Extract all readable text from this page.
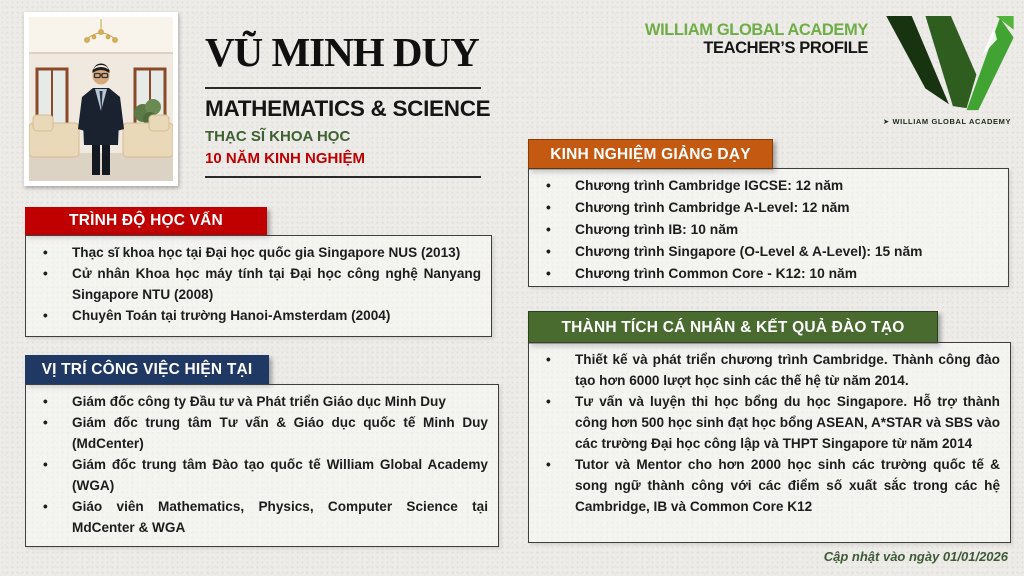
VŨ MINH DUY
MATHEMATICS & SCIENCE
THẠC SĨ KHOA HỌC
10 NĂM KINH NGHIỆM
WILLIAM GLOBAL ACADEMY
TEACHER’S PROFILE
➤ WILLIAM GLOBAL ACADEMY
TRÌNH ĐỘ HỌC VẤN
• Thạc sĩ khoa học tại Đại học quốc gia Singapore NUS (2013)
• Cử nhân Khoa học máy tính tại Đại học công nghệ Nanyang Singapore NTU (2008)
• Chuyên Toán tại trường Hanoi-Amsterdam (2004)
VỊ TRÍ CÔNG VIỆC HIỆN TẠI
• Giám đốc công ty Đầu tư và Phát triển Giáo dục Minh Duy
• Giám đốc trung tâm Tư vấn & Giáo dục quốc tế Minh Duy (MdCenter)
• Giám đốc trung tâm Đào tạo quốc tế William Global Academy (WGA)
• Giáo viên Mathematics, Physics, Computer Science tại MdCenter & WGA
KINH NGHIỆM GIẢNG DẠY
• Chương trình Cambridge IGCSE: 12 năm
• Chương trình Cambridge A-Level: 12 năm
• Chương trình IB: 10 năm
• Chương trình Singapore (O-Level & A-Level): 15 năm
• Chương trình Common Core - K12: 10 năm
THÀNH TÍCH CÁ NHÂN & KẾT QUẢ ĐÀO TẠO
• Thiết kế và phát triển chương trình Cambridge. Thành công đào tạo hơn 6000 lượt học sinh các thế hệ từ năm 2014.
• Tư vấn và luyện thi học bổng du học Singapore. Hỗ trợ thành công hơn 500 học sinh đạt học bổng ASEAN, A*STAR và SBS vào các trường Đại học công lập và THPT Singapore từ năm 2014
• Tutor và Mentor cho hơn 2000 học sinh các trường quốc tế & song ngữ thành công với các điểm số xuất sắc trong các hệ Cambridge, IB và Common Core K12
Cập nhật vào ngày 01/01/2026
